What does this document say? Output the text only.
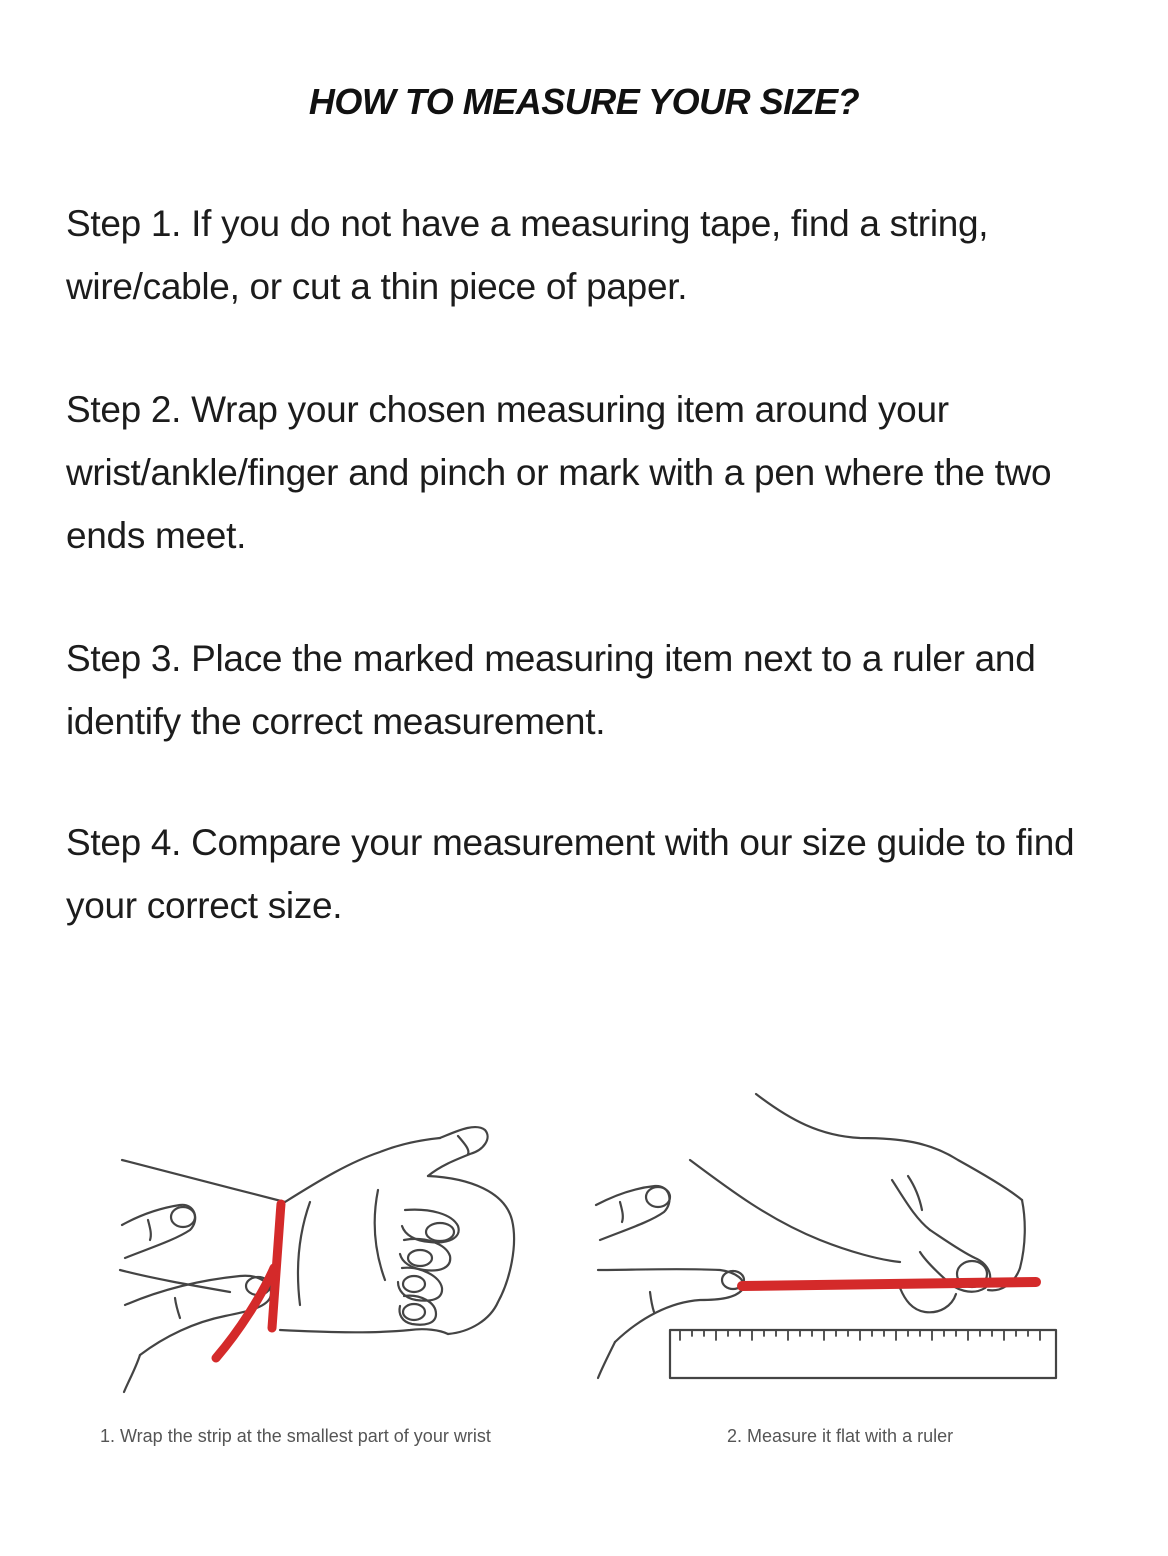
HOW TO MEASURE YOUR SIZE?

Step 1. If you do not have a measuring tape, find a string, wire/cable, or cut a thin piece of paper.

Step 2. Wrap your chosen measuring item around your wrist/ankle/finger and pinch or mark with a pen where the two ends meet.

Step 3. Place the marked measuring item next to a ruler and identify the correct measurement.

Step 4. Compare your measurement with our size guide to find your correct size.

1. Wrap the strip at the smallest part of your wrist	2. Measure it flat with a ruler
